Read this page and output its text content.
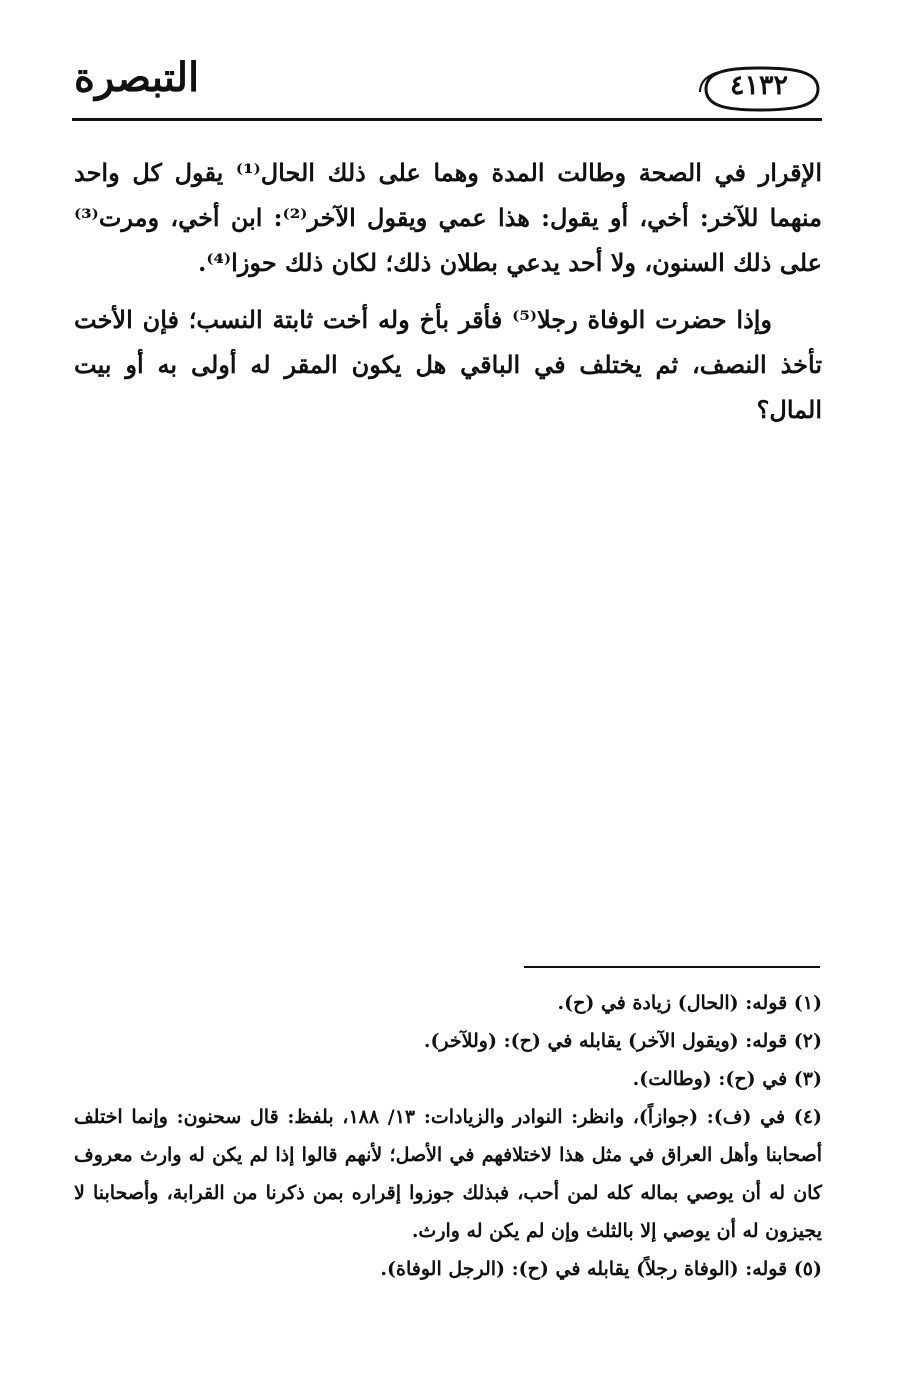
التبصرة	٤١٣٢

الإقرار في الصحة وطالت المدة وهما على ذلك الحال⁽¹⁾ يقول كل واحد منهما للآخر: أخي، أو يقول: هذا عمي ويقول الآخر⁽²⁾: ابن أخي، ومرت⁽³⁾ على ذلك السنون، ولا أحد يدعي بطلان ذلك؛ لكان ذلك حوزا⁽⁴⁾.

وإذا حضرت الوفاة رجلا⁽⁵⁾ فأقر بأخ وله أخت ثابتة النسب؛ فإن الأخت تأخذ النصف، ثم يختلف في الباقي هل يكون المقر له أولى به أو بيت المال؟

(١) قوله: (الحال) زيادة في (ح).

(٢) قوله: (ويقول الآخر) يقابله في (ح): (وللآخر).

(٣) في (ح): (وطالت).

(٤) في (ف): (جوازاً)، وانظر: النوادر والزيادات: ١٣/ ١٨٨، بلفظ: قال سحنون: وإنما اختلف أصحابنا وأهل العراق في مثل هذا لاختلافهم في الأصل؛ لأنهم قالوا إذا لم يكن له وارث معروف كان له أن يوصي بماله كله لمن أحب، فبذلك جوزوا إقراره بمن ذكرنا من القرابة، وأصحابنا لا يجيزون له أن يوصي إلا بالثلث وإن لم يكن له وارث.

(٥) قوله: (الوفاة رجلاً) يقابله في (ح): (الرجل الوفاة).
